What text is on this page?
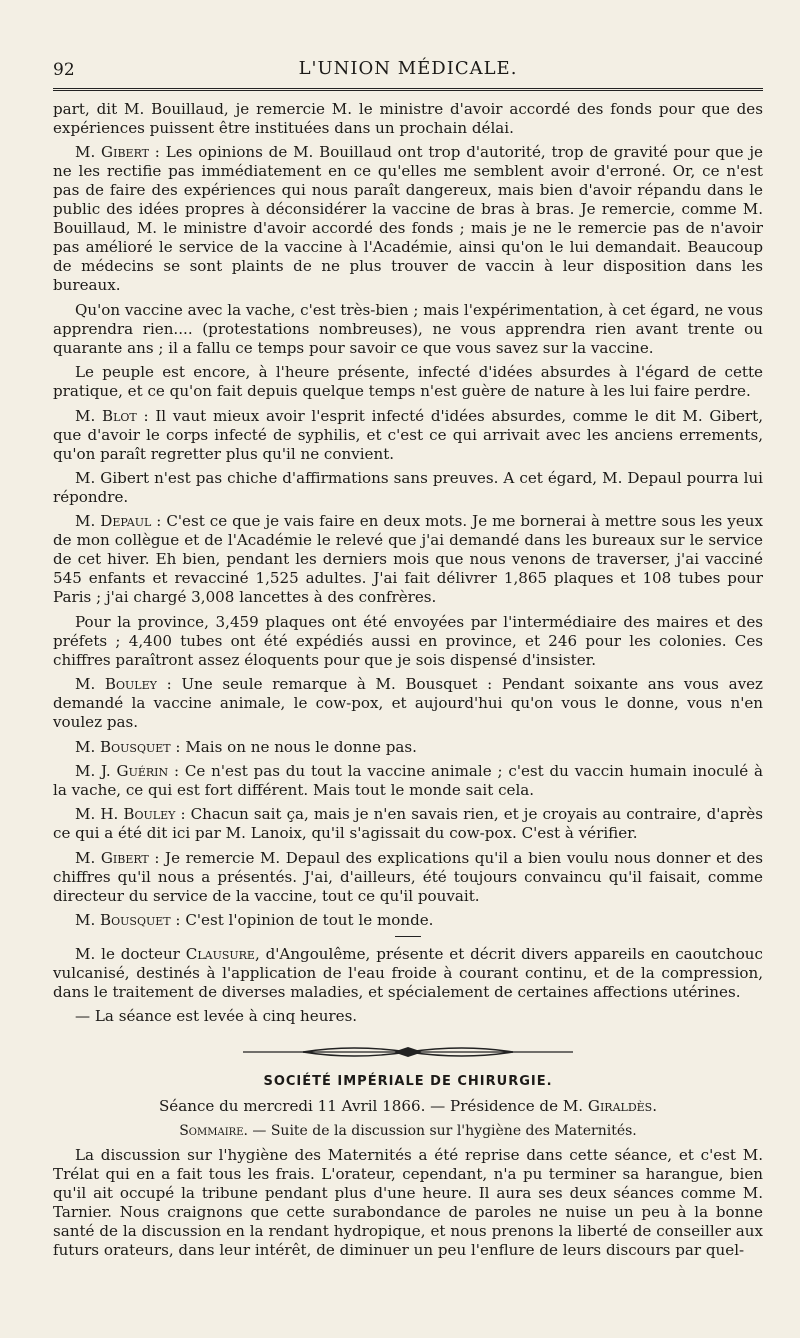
92	L'UNION MÉDICALE.

part, dit M. Bouillaud, je remercie M. le ministre d'avoir accordé des fonds pour que des expériences puissent être instituées dans un prochain délai.

M. Gibert : Les opinions de M. Bouillaud ont trop d'autorité, trop de gravité pour que je ne les rectifie pas immédiatement en ce qu'elles me semblent avoir d'erroné. Or, ce n'est pas de faire des expériences qui nous paraît dangereux, mais bien d'avoir répandu dans le public des idées propres à déconsidérer la vaccine de bras à bras. Je remercie, comme M. Bouillaud, M. le ministre d'avoir accordé des fonds ; mais je ne le remercie pas de n'avoir pas amélioré le service de la vaccine à l'Académie, ainsi qu'on le lui demandait. Beaucoup de médecins se sont plaints de ne plus trouver de vaccin à leur disposition dans les bureaux.

Qu'on vaccine avec la vache, c'est très-bien ; mais l'expérimentation, à cet égard, ne vous apprendra rien.... (protestations nombreuses), ne vous apprendra rien avant trente ou quarante ans ; il a fallu ce temps pour savoir ce que vous savez sur la vaccine.

Le peuple est encore, à l'heure présente, infecté d'idées absurdes à l'égard de cette pratique, et ce qu'on fait depuis quelque temps n'est guère de nature à les lui faire perdre.

M. Blot : Il vaut mieux avoir l'esprit infecté d'idées absurdes, comme le dit M. Gibert, que d'avoir le corps infecté de syphilis, et c'est ce qui arrivait avec les anciens errements, qu'on paraît regretter plus qu'il ne convient.

M. Gibert n'est pas chiche d'affirmations sans preuves. A cet égard, M. Depaul pourra lui répondre.

M. Depaul : C'est ce que je vais faire en deux mots. Je me bornerai à mettre sous les yeux de mon collègue et de l'Académie le relevé que j'ai demandé dans les bureaux sur le service de cet hiver. Eh bien, pendant les derniers mois que nous venons de traverser, j'ai vacciné 545 enfants et revacciné 1,525 adultes. J'ai fait délivrer 1,865 plaques et 108 tubes pour Paris ; j'ai chargé 3,008 lancettes à des confrères.

Pour la province, 3,459 plaques ont été envoyées par l'intermédiaire des maires et des préfets ; 4,400 tubes ont été expédiés aussi en province, et 246 pour les colonies. Ces chiffres paraîtront assez éloquents pour que je sois dispensé d'insister.

M. Bouley : Une seule remarque à M. Bousquet : Pendant soixante ans vous avez demandé la vaccine animale, le cow-pox, et aujourd'hui qu'on vous le donne, vous n'en voulez pas.

M. Bousquet : Mais on ne nous le donne pas.

M. J. Guérin : Ce n'est pas du tout la vaccine animale ; c'est du vaccin humain inoculé à la vache, ce qui est fort différent. Mais tout le monde sait cela.

M. H. Bouley : Chacun sait ça, mais je n'en savais rien, et je croyais au contraire, d'après ce qui a été dit ici par M. Lanoix, qu'il s'agissait du cow-pox. C'est à vérifier.

M. Gibert : Je remercie M. Depaul des explications qu'il a bien voulu nous donner et des chiffres qu'il nous a présentés. J'ai, d'ailleurs, été toujours convaincu qu'il faisait, comme directeur du service de la vaccine, tout ce qu'il pouvait.

M. Bousquet : C'est l'opinion de tout le monde.

M. le docteur Clausure, d'Angoulême, présente et décrit divers appareils en caoutchouc vulcanisé, destinés à l'application de l'eau froide à courant continu, et de la compression, dans le traitement de diverses maladies, et spécialement de certaines affections utérines.

— La séance est levée à cinq heures.

SOCIÉTÉ IMPÉRIALE DE CHIRURGIE.

Séance du mercredi 11 Avril 1866. — Présidence de M. Giraldès.

Sommaire. — Suite de la discussion sur l'hygiène des Maternités.

La discussion sur l'hygiène des Maternités a été reprise dans cette séance, et c'est M. Trélat qui en a fait tous les frais. L'orateur, cependant, n'a pu terminer sa harangue, bien qu'il ait occupé la tribune pendant plus d'une heure. Il aura ses deux séances comme M. Tarnier. Nous craignons que cette surabondance de paroles ne nuise un peu à la bonne santé de la discussion en la rendant hydropique, et nous prenons la liberté de conseiller aux futurs orateurs, dans leur intérêt, de diminuer un peu l'enflure de leurs discours par quel-
